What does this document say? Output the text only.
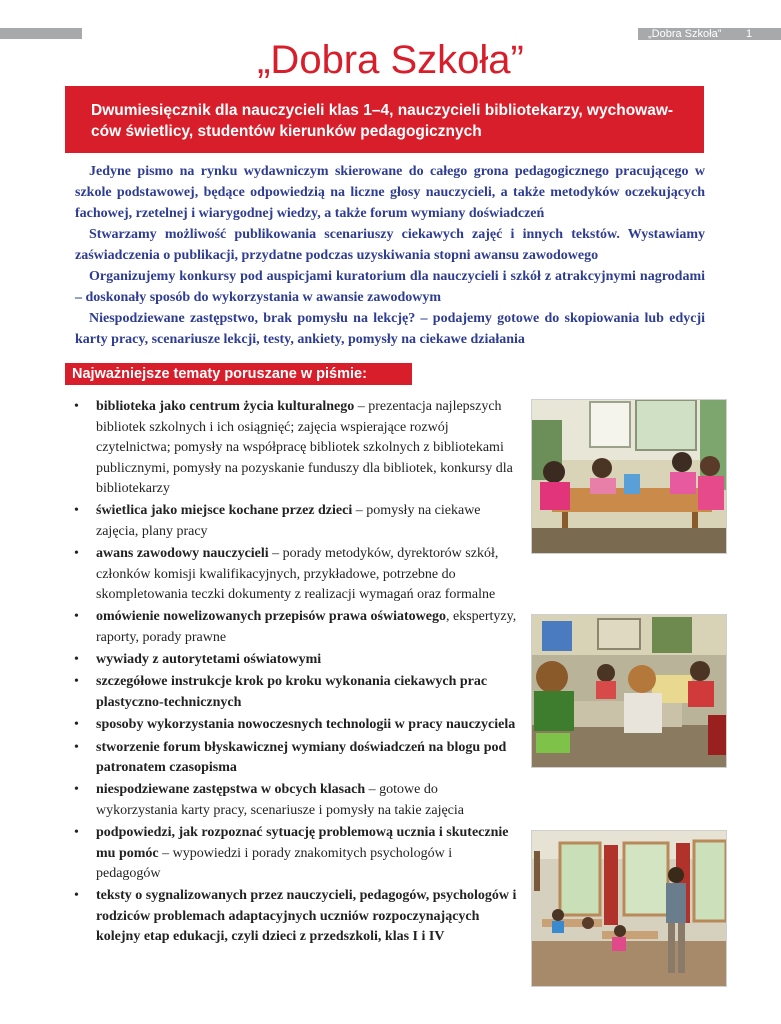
„Dobra Szkoła” 1
„Dobra Szkoła”
Dwumiesięcznik dla nauczycieli klas 1–4, nauczycieli bibliotekarzy, wychowawców świetlicy, studentów kierunków pedagogicznych

Jedyne pismo na rynku wydawniczym skierowane do całego grona pedagogicznego pracującego w szkole podstawowej, będące odpowiedzią na liczne głosy nauczycieli, a także metodyków oczekujących fachowej, rzetelnej i wiarygodnej wiedzy, a także forum wymiany doświadczeń

Stwarzamy możliwość publikowania scenariuszy ciekawych zajęć i innych tekstów. Wystawiamy zaświadczenia o publikacji, przydatne podczas uzyskiwania stopni awansu zawodowego

Organizujemy konkursy pod auspicjami kuratorium dla nauczycieli i szkół z atrakcyjnymi nagrodami – doskonały sposób do wykorzystania w awansie zawodowym

Niespodziewane zastępstwo, brak pomysłu na lekcję? – podajemy gotowe do skopiowania lub edycji karty pracy, scenariusze lekcji, testy, ankiety, pomysły na ciekawe działania

Najważniejsze tematy poruszane w piśmie:
• biblioteka jako centrum życia kulturalnego – prezentacja najlepszych bibliotek szkolnych i ich osiągnięć; zajęcia wspierające rozwój czytelnictwa; pomysły na współpracę bibliotek szkolnych z bibliotekami publicznymi, pomysły na pozyskanie funduszy dla bibliotek, konkursy dla bibliotekarzy
• świetlica jako miejsce kochane przez dzieci – pomysły na ciekawe zajęcia, plany pracy
• awans zawodowy nauczycieli – porady metodyków, dyrektorów szkół, członków komisji kwalifikacyjnych, przykładowe, potrzebne do skompletowania teczki dokumenty z realizacji wymagań oraz formalne
• omówienie nowelizowanych przepisów prawa oświatowego, ekspertyzy, raporty, porady prawne
• wywiady z autorytetami oświatowymi
• szczegółowe instrukcje krok po kroku wykonania ciekawych prac plastyczno-technicznych
• sposoby wykorzystania nowoczesnych technologii w pracy nauczyciela
• stworzenie forum błyskawicznej wymiany doświadczeń na blogu pod patronatem czasopisma
• niespodziewane zastępstwa w obcych klasach – gotowe do wykorzystania karty pracy, scenariusze i pomysły na takie zajęcia
• podpowiedzi, jak rozpoznać sytuację problemową ucznia i skutecznie mu pomóc – wypowiedzi i porady znakomitych psychologów i pedagogów
• teksty o sygnalizowanych przez nauczycieli, pedagogów, psychologów i rodziców problemach adaptacyjnych uczniów rozpoczynających kolejny etap edukacji, czyli dzieci z przedszkoli, klas I i IV
